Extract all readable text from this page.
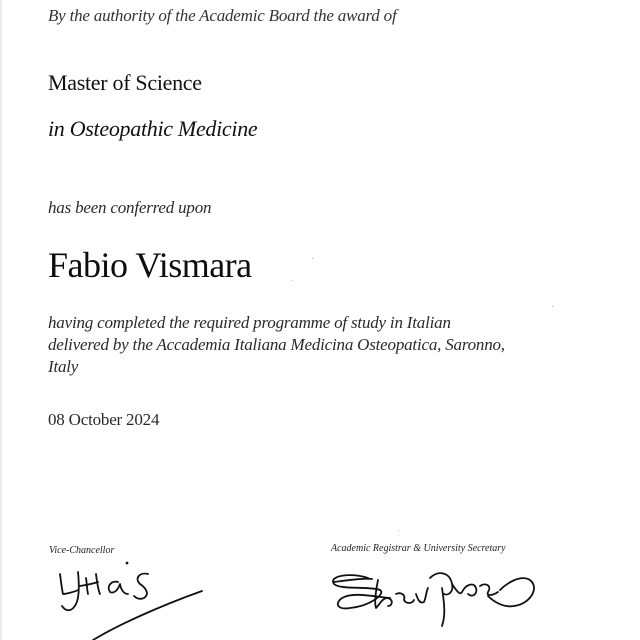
By the authority of the Academic Board the award of
Master of Science
in Osteopathic Medicine
has been conferred upon
Fabio Vismara
having completed the required programme of study in Italian
delivered by the Accademia Italiana Medicina Osteopatica, Saronno,
Italy
08 October 2024
Vice-Chancellor	Academic Registrar & University Secretary
